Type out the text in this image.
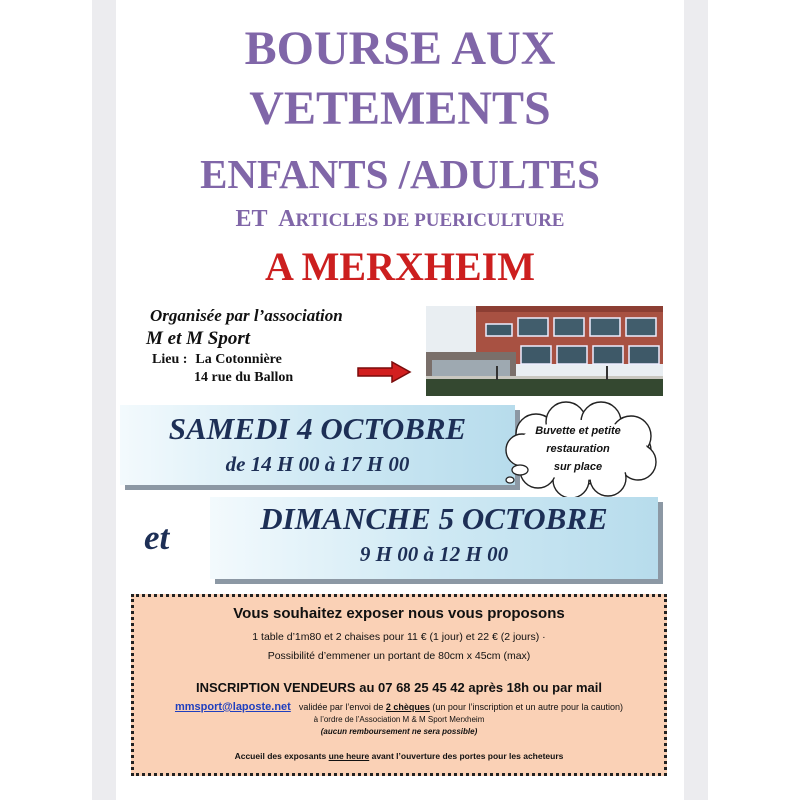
BOURSE AUX
VETEMENTS
ENFANTS /ADULTES
ET ARTICLES DE PUERICULTURE
A MERXHEIM
Organisée par l’association
M et M Sport
Lieu : La Cotonnière
14 rue du Ballon
SAMEDI 4 OCTOBRE
de 14 H 00 à 17 H 00
Buvette et petite
restauration
sur place
et	DIMANCHE 5 OCTOBRE
9 H 00 à 12 H 00
Vous souhaitez exposer nous vous proposons
1 table d’1m80 et 2 chaises pour 11 € (1 jour) et 22 € (2 jours) ·
Possibilité d’emmener un portant de 80cm x 45cm (max)
INSCRIPTION VENDEURS au 07 68 25 45 42 après 18h ou par mail
mmsport@laposte.net validée par l’envoi de 2 chèques (un pour l’inscription et un autre pour la caution)
à l’ordre de l’Association M & M Sport Merxheim
(aucun remboursement ne sera possible)
Accueil des exposants une heure avant l’ouverture des portes pour les acheteurs
